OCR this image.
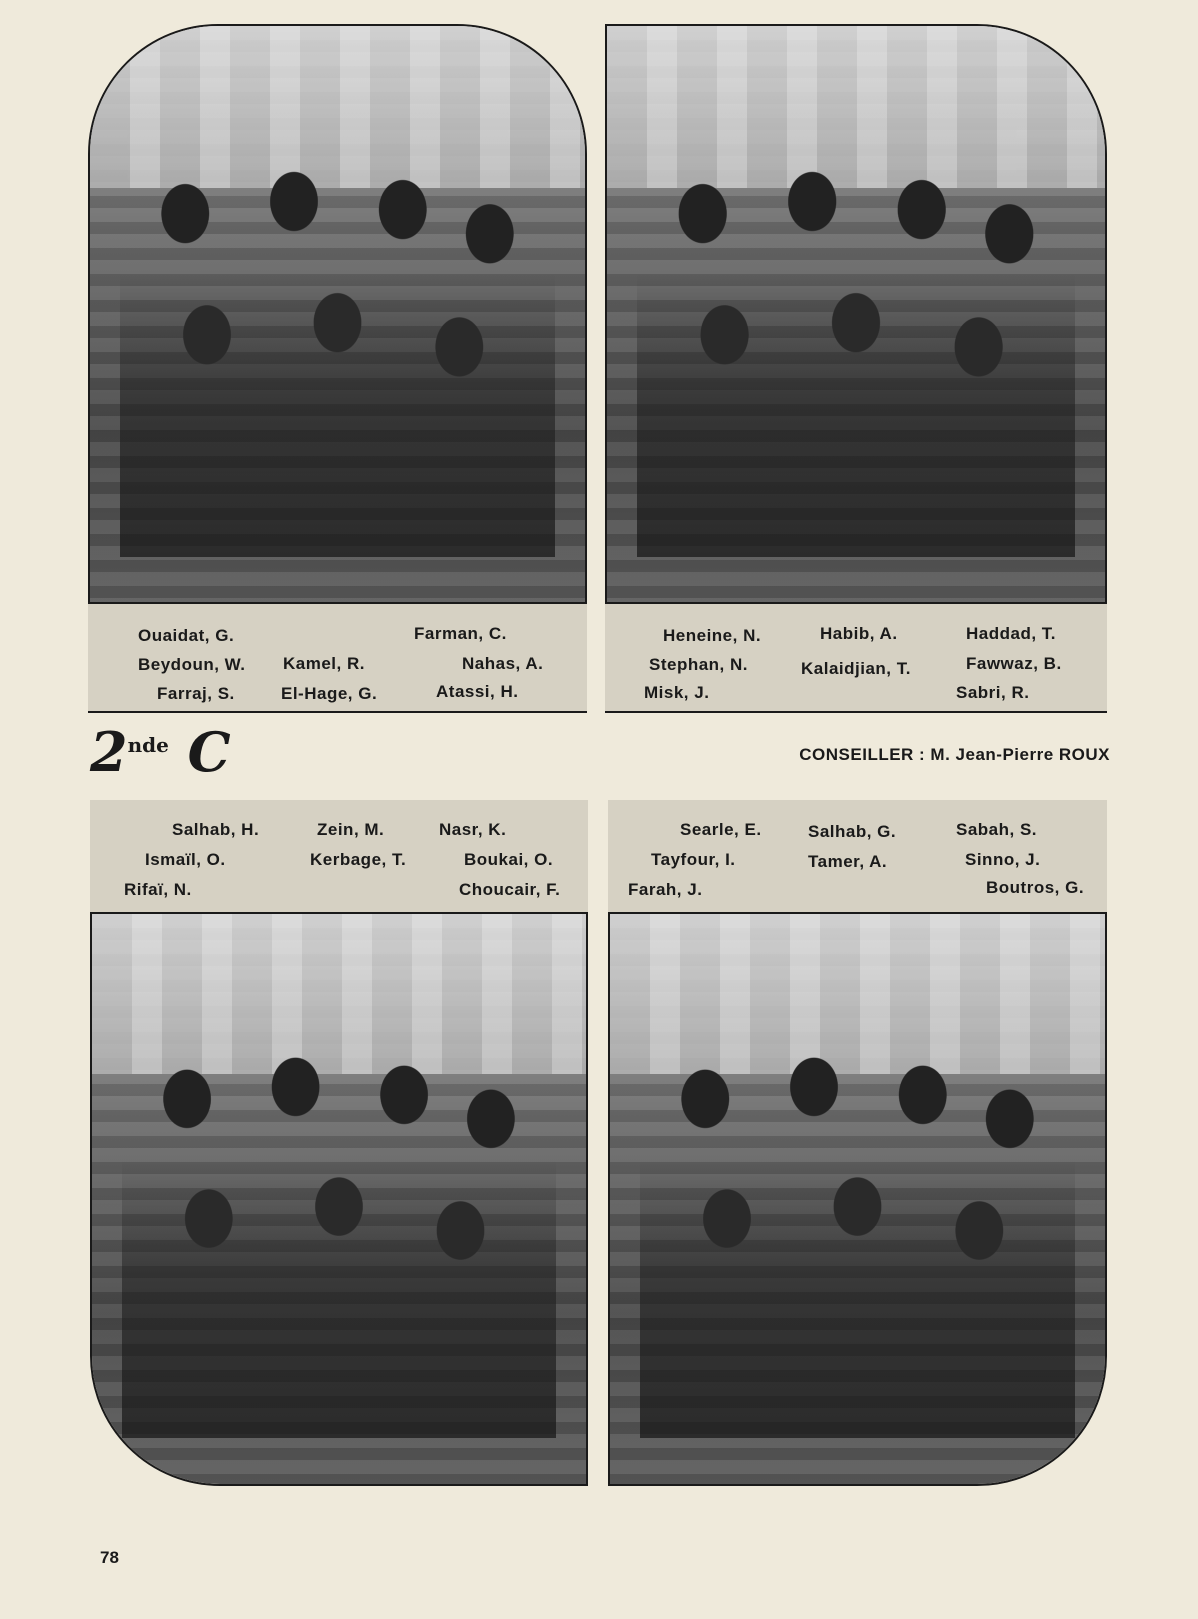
Ouaidat, G.
Beydoun, W.
Farraj, S.
Kamel, R.
El-Hage, G.
Farman, C.
Nahas, A.
Atassi, H.
Heneine, N.
Stephan, N.
Misk, J.
Habib, A.
Kalaidjian, T.
Haddad, T.
Fawwaz, B.
Sabri, R.
2nde C	CONSEILLER : M. Jean-Pierre ROUX
Salhab, H.
Ismaïl, O.
Rifaï, N.
Zein, M.
Kerbage, T.
Nasr, K.
Boukai, O.
Choucair, F.
Searle, E.
Tayfour, I.
Farah, J.
Salhab, G.
Tamer, A.
Sabah, S.
Sinno, J.
Boutros, G.
78
